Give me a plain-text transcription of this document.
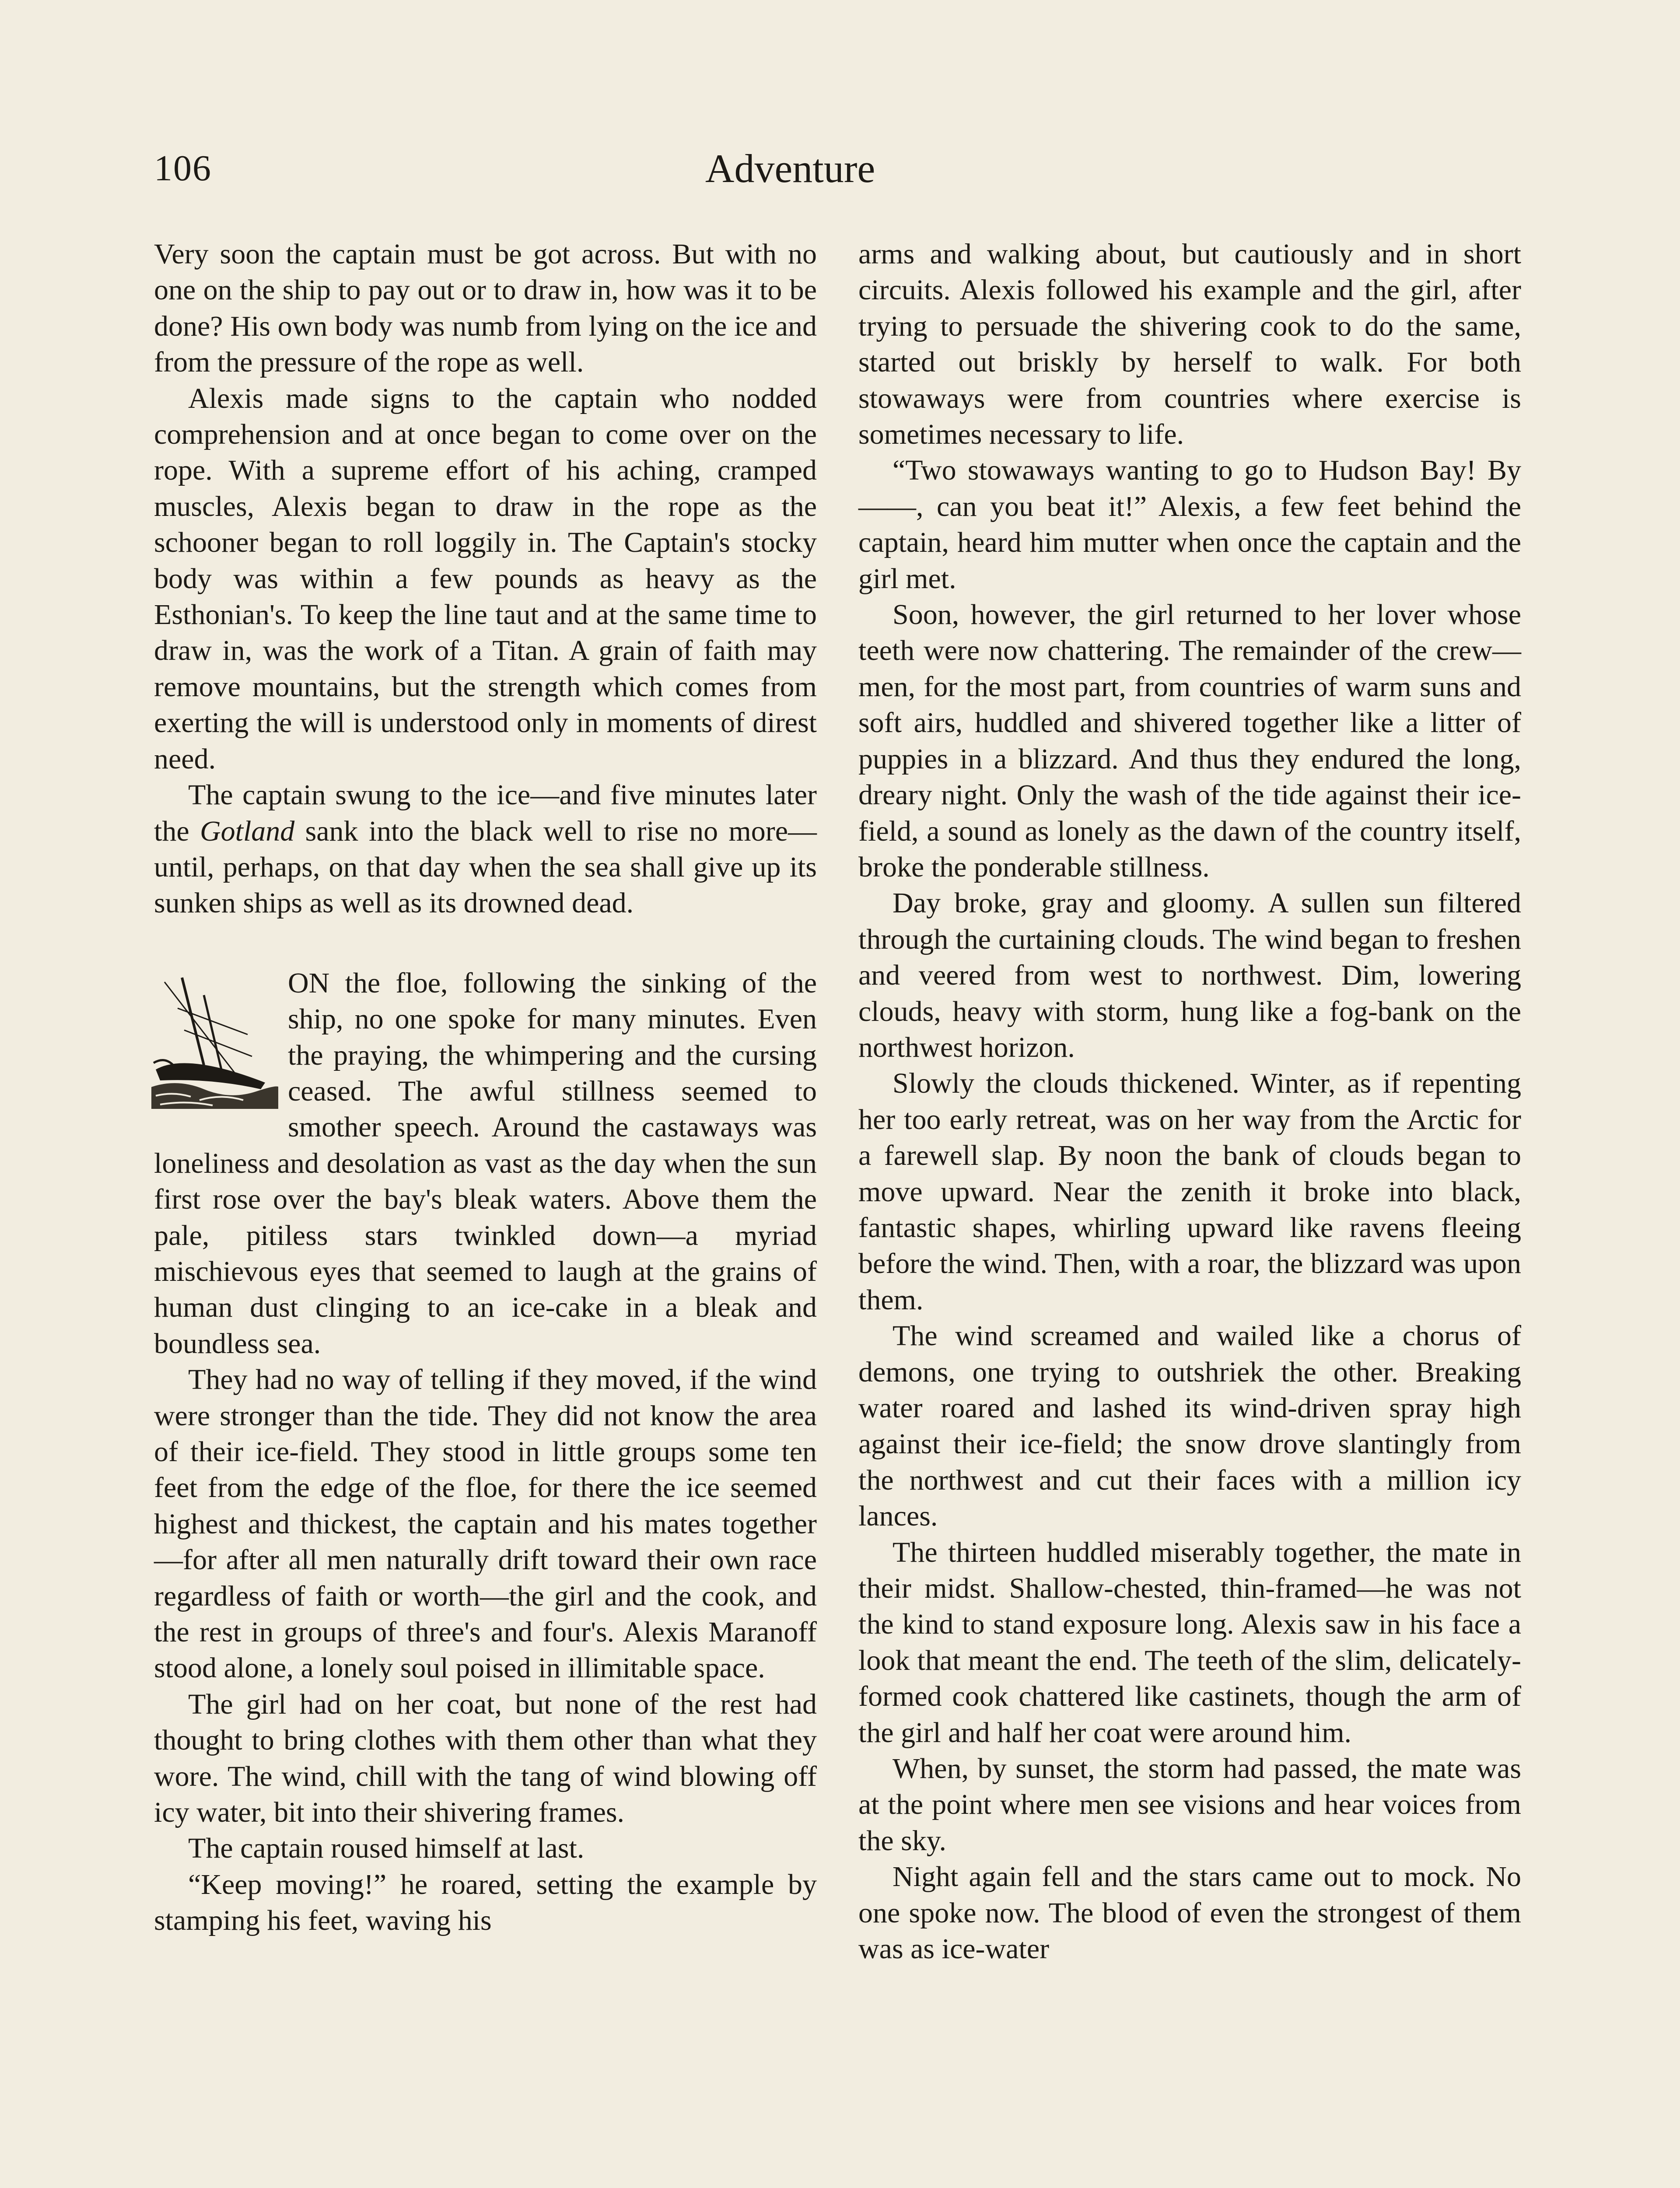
106	Adventure

Very soon the captain must be got across. But with no one on the ship to pay out or to draw in, how was it to be done? His own body was numb from lying on the ice and from the pressure of the rope as well.

Alexis made signs to the captain who nodded comprehension and at once began to come over on the rope. With a supreme effort of his aching, cramped muscles, Alexis began to draw in the rope as the schooner began to roll loggily in. The Captain's stocky body was within a few pounds as heavy as the Esthonian's. To keep the line taut and at the same time to draw in, was the work of a Titan. A grain of faith may remove mountains, but the strength which comes from exerting the will is understood only in moments of direst need.

The captain swung to the ice—and five minutes later the Gotland sank into the black well to rise no more—until, perhaps, on that day when the sea shall give up its sunken ships as well as its drowned dead.

ON the floe, following the sinking of the ship, no one spoke for many minutes. Even the praying, the whimpering and the cursing ceased. The awful stillness seemed to smother speech. Around the castaways was loneliness and desolation as vast as the day when the sun first rose over the bay's bleak waters. Above them the pale, pitiless stars twinkled down—a myriad mischievous eyes that seemed to laugh at the grains of human dust clinging to an ice-cake in a bleak and boundless sea.

They had no way of telling if they moved, if the wind were stronger than the tide. They did not know the area of their ice-field. They stood in little groups some ten feet from the edge of the floe, for there the ice seemed highest and thickest, the captain and his mates together—for after all men naturally drift toward their own race regardless of faith or worth—the girl and the cook, and the rest in groups of three's and four's. Alexis Maranoff stood alone, a lonely soul poised in illimitable space.

The girl had on her coat, but none of the rest had thought to bring clothes with them other than what they wore. The wind, chill with the tang of wind blowing off icy water, bit into their shivering frames.

The captain roused himself at last.

“Keep moving!” he roared, setting the example by stamping his feet, waving his

arms and walking about, but cautiously and in short circuits. Alexis followed his example and the girl, after trying to persuade the shivering cook to do the same, started out briskly by herself to walk. For both stowaways were from countries where exercise is sometimes necessary to life.

“Two stowaways wanting to go to Hudson Bay! By——, can you beat it!” Alexis, a few feet behind the captain, heard him mutter when once the captain and the girl met.

Soon, however, the girl returned to her lover whose teeth were now chattering. The remainder of the crew—men, for the most part, from countries of warm suns and soft airs, huddled and shivered together like a litter of puppies in a blizzard. And thus they endured the long, dreary night. Only the wash of the tide against their ice-field, a sound as lonely as the dawn of the country itself, broke the ponderable stillness.

Day broke, gray and gloomy. A sullen sun filtered through the curtaining clouds. The wind began to freshen and veered from west to northwest. Dim, lowering clouds, heavy with storm, hung like a fog-bank on the northwest horizon.

Slowly the clouds thickened. Winter, as if repenting her too early retreat, was on her way from the Arctic for a farewell slap. By noon the bank of clouds began to move upward. Near the zenith it broke into black, fantastic shapes, whirling upward like ravens fleeing before the wind. Then, with a roar, the blizzard was upon them.

The wind screamed and wailed like a chorus of demons, one trying to outshriek the other. Breaking water roared and lashed its wind-driven spray high against their ice-field; the snow drove slantingly from the northwest and cut their faces with a million icy lances.

The thirteen huddled miserably together, the mate in their midst. Shallow-chested, thin-framed—he was not the kind to stand exposure long. Alexis saw in his face a look that meant the end. The teeth of the slim, delicately-formed cook chattered like castinets, though the arm of the girl and half her coat were around him.

When, by sunset, the storm had passed, the mate was at the point where men see visions and hear voices from the sky.

Night again fell and the stars came out to mock. No one spoke now. The blood of even the strongest of them was as ice-water
